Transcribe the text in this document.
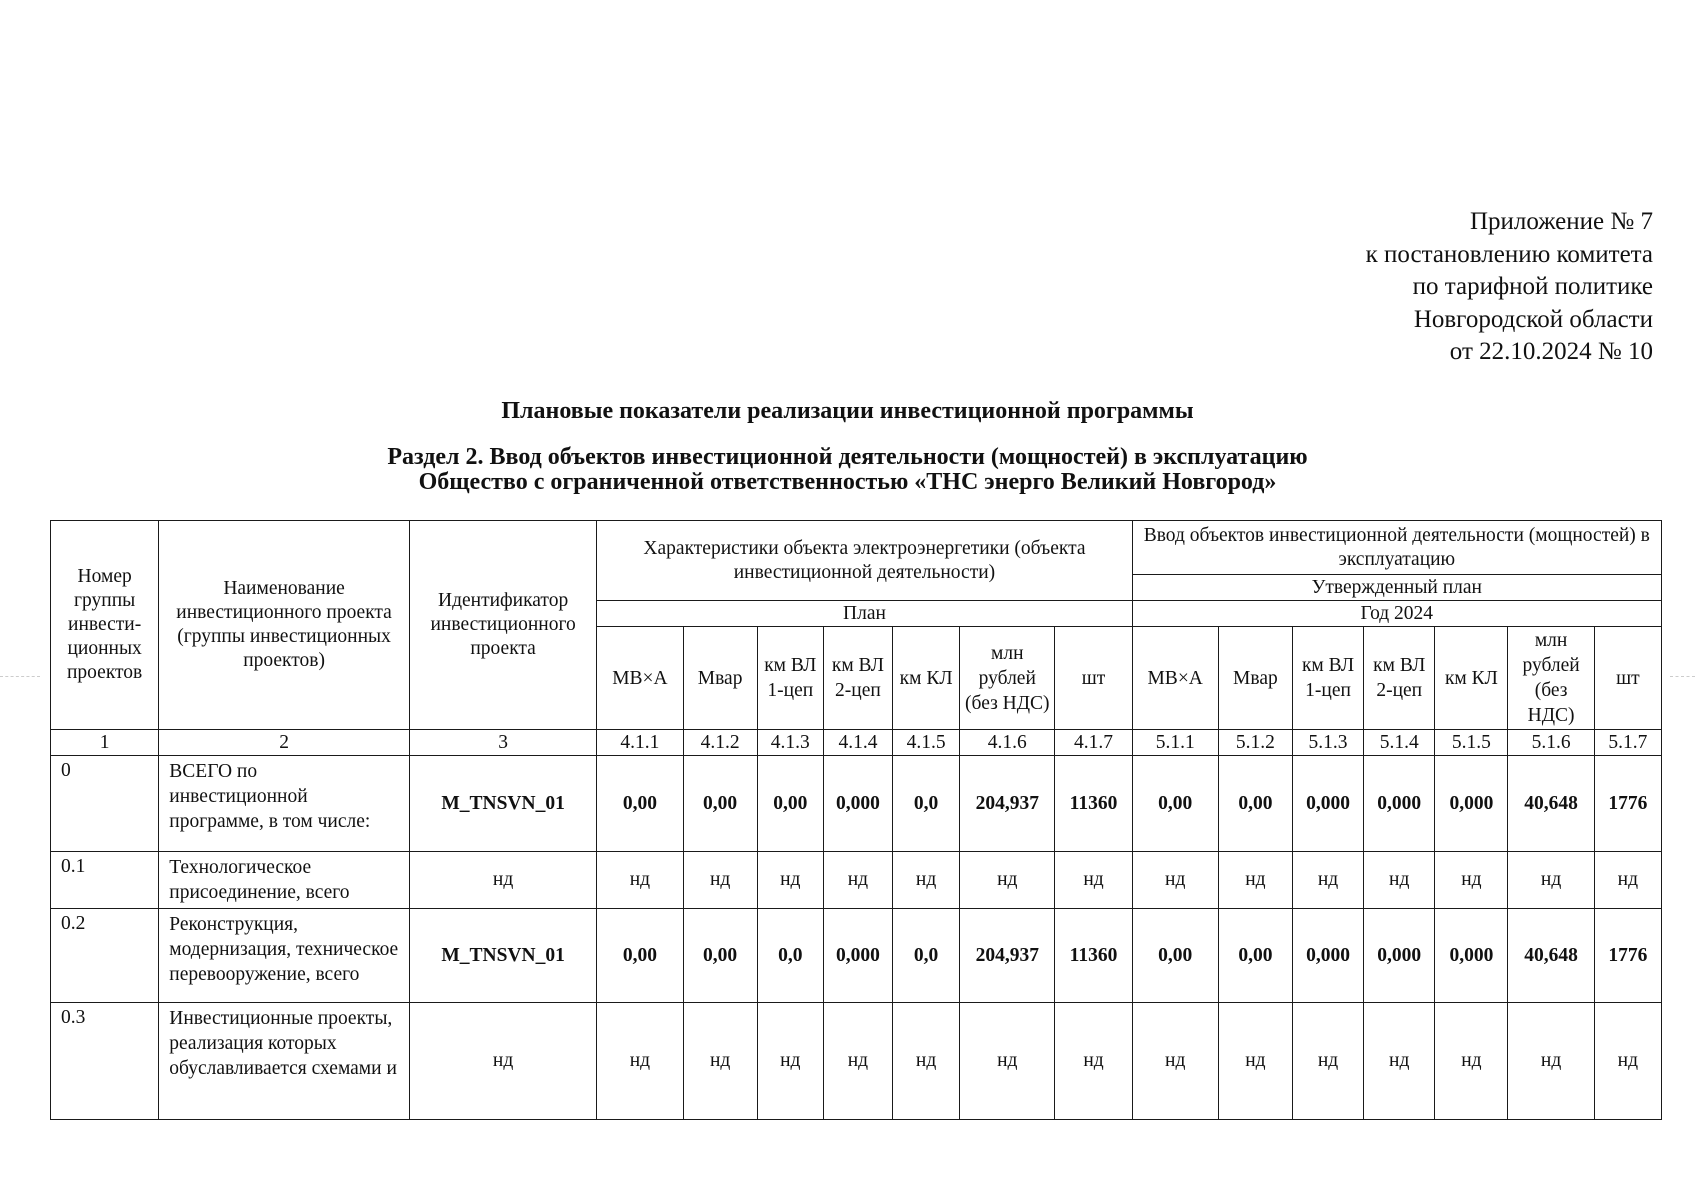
Приложение № 7
к постановлению комитета
по тарифной политике
Новгородской области
от 22.10.2024 № 10
Плановые показатели реализации инвестиционной программы
Раздел 2. Ввод объектов инвестиционной деятельности (мощностей) в эксплуатацию
Общество с ограниченной ответственностью «ТНС энерго Великий Новгород»
Номер группы инвести-ционных проектов	Наименование инвестиционного проекта (группы инвестиционных проектов)	Идентификатор инвестиционного проекта	Характеристики объекта электроэнергетики (объекта инвестиционной деятельности)							Ввод объектов инвестиционной деятельности (мощностей) в эксплуатацию						
										Утвержденный план						
			План							Год 2024						
			МВ×А	Мвар	км ВЛ 1-цеп	км ВЛ 2-цеп	км КЛ	млн рублей (без НДС)	шт	МВ×А	Мвар	км ВЛ 1-цеп	км ВЛ 2-цеп	км КЛ	млн рублей (без НДС)	шт
1	2	3	4.1.1	4.1.2	4.1.3	4.1.4	4.1.5	4.1.6	4.1.7	5.1.1	5.1.2	5.1.3	5.1.4	5.1.5	5.1.6	5.1.7
0	ВСЕГО по инвестиционной программе, в том числе:	M_TNSVN_01	0,00	0,00	0,00	0,000	0,0	204,937	11360	0,00	0,00	0,000	0,000	0,000	40,648	1776
0.1	Технологическое присоединение, всего	нд	нд	нд	нд	нд	нд	нд	нд	нд	нд	нд	нд	нд	нд	нд
0.2	Реконструкция, модернизация, техническое перевооружение, всего	M_TNSVN_01	0,00	0,00	0,0	0,000	0,0	204,937	11360	0,00	0,00	0,000	0,000	0,000	40,648	1776
0.3	Инвестиционные проекты, реализация которых обуславливается схемами и	нд	нд	нд	нд	нд	нд	нд	нд	нд	нд	нд	нд	нд	нд	нд
